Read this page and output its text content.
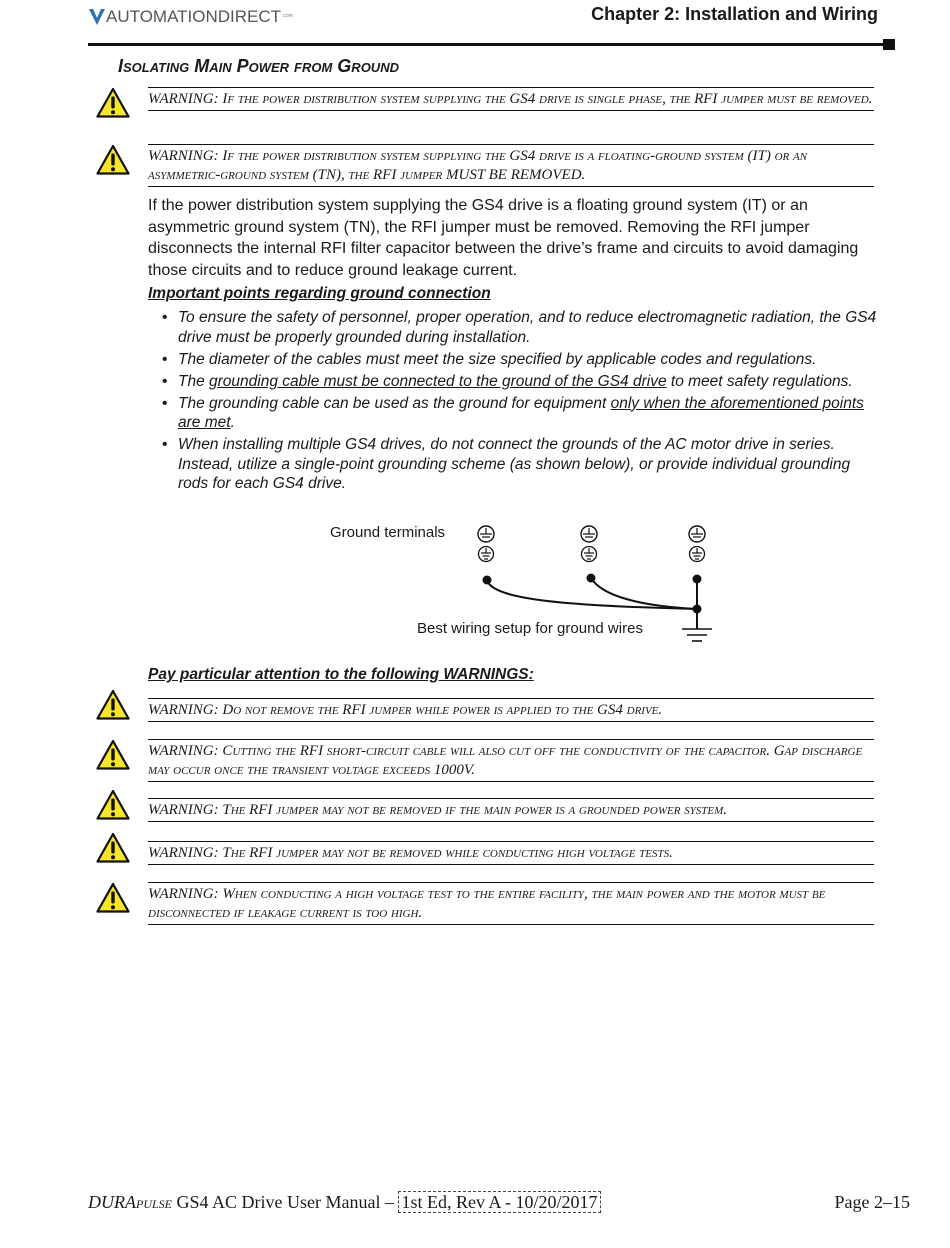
AUTOMATIONDIRECT .com	Chapter 2: Installation and Wiring
Isolating Main Power from Ground
WARNING: If the power distribution system supplying the GS4 drive is single phase, the RFI jumper must be removed.
WARNING: If the power distribution system supplying the GS4 drive is a floating-ground system (IT) or an asymmetric-ground system (TN), the RFI jumper MUST BE REMOVED.
If the power distribution system supplying the GS4 drive is a floating ground system (IT) or an asymmetric ground system (TN), the RFI jumper must be removed. Removing the RFI jumper disconnects the internal RFI filter capacitor between the drive’s frame and circuits to avoid damaging those circuits and to reduce ground leakage current.
Important points regarding ground connection
• To ensure the safety of personnel, proper operation, and to reduce electromagnetic radiation, the GS4 drive must be properly grounded during installation.
• The diameter of the cables must meet the size specified by applicable codes and regulations.
• The grounding cable must be connected to the ground of the GS4 drive to meet safety regulations.
• The grounding cable can be used as the ground for equipment only when the aforementioned points are met.
• When installing multiple GS4 drives, do not connect the grounds of the AC motor drive in series. Instead, utilize a single-point grounding scheme (as shown below), or provide individual grounding rods for each GS4 drive.
Ground terminals
Best wiring setup for ground wires
Pay particular attention to the following WARNINGS:
WARNING: Do not remove the RFI jumper while power is applied to the GS4 drive.
WARNING: Cutting the RFI short-circuit cable will also cut off the conductivity of the capacitor. Gap discharge may occur once the transient voltage exceeds 1000V.
WARNING: The RFI jumper may not be removed if the main power is a grounded power system.
WARNING: The RFI jumper may not be removed while conducting high voltage tests.
WARNING: When conducting a high voltage test to the entire facility, the main power and the motor must be disconnected if leakage current is too high.
DURApulse GS4 AC Drive User Manual – 1st Ed, Rev A - 10/20/2017	Page 2–15
